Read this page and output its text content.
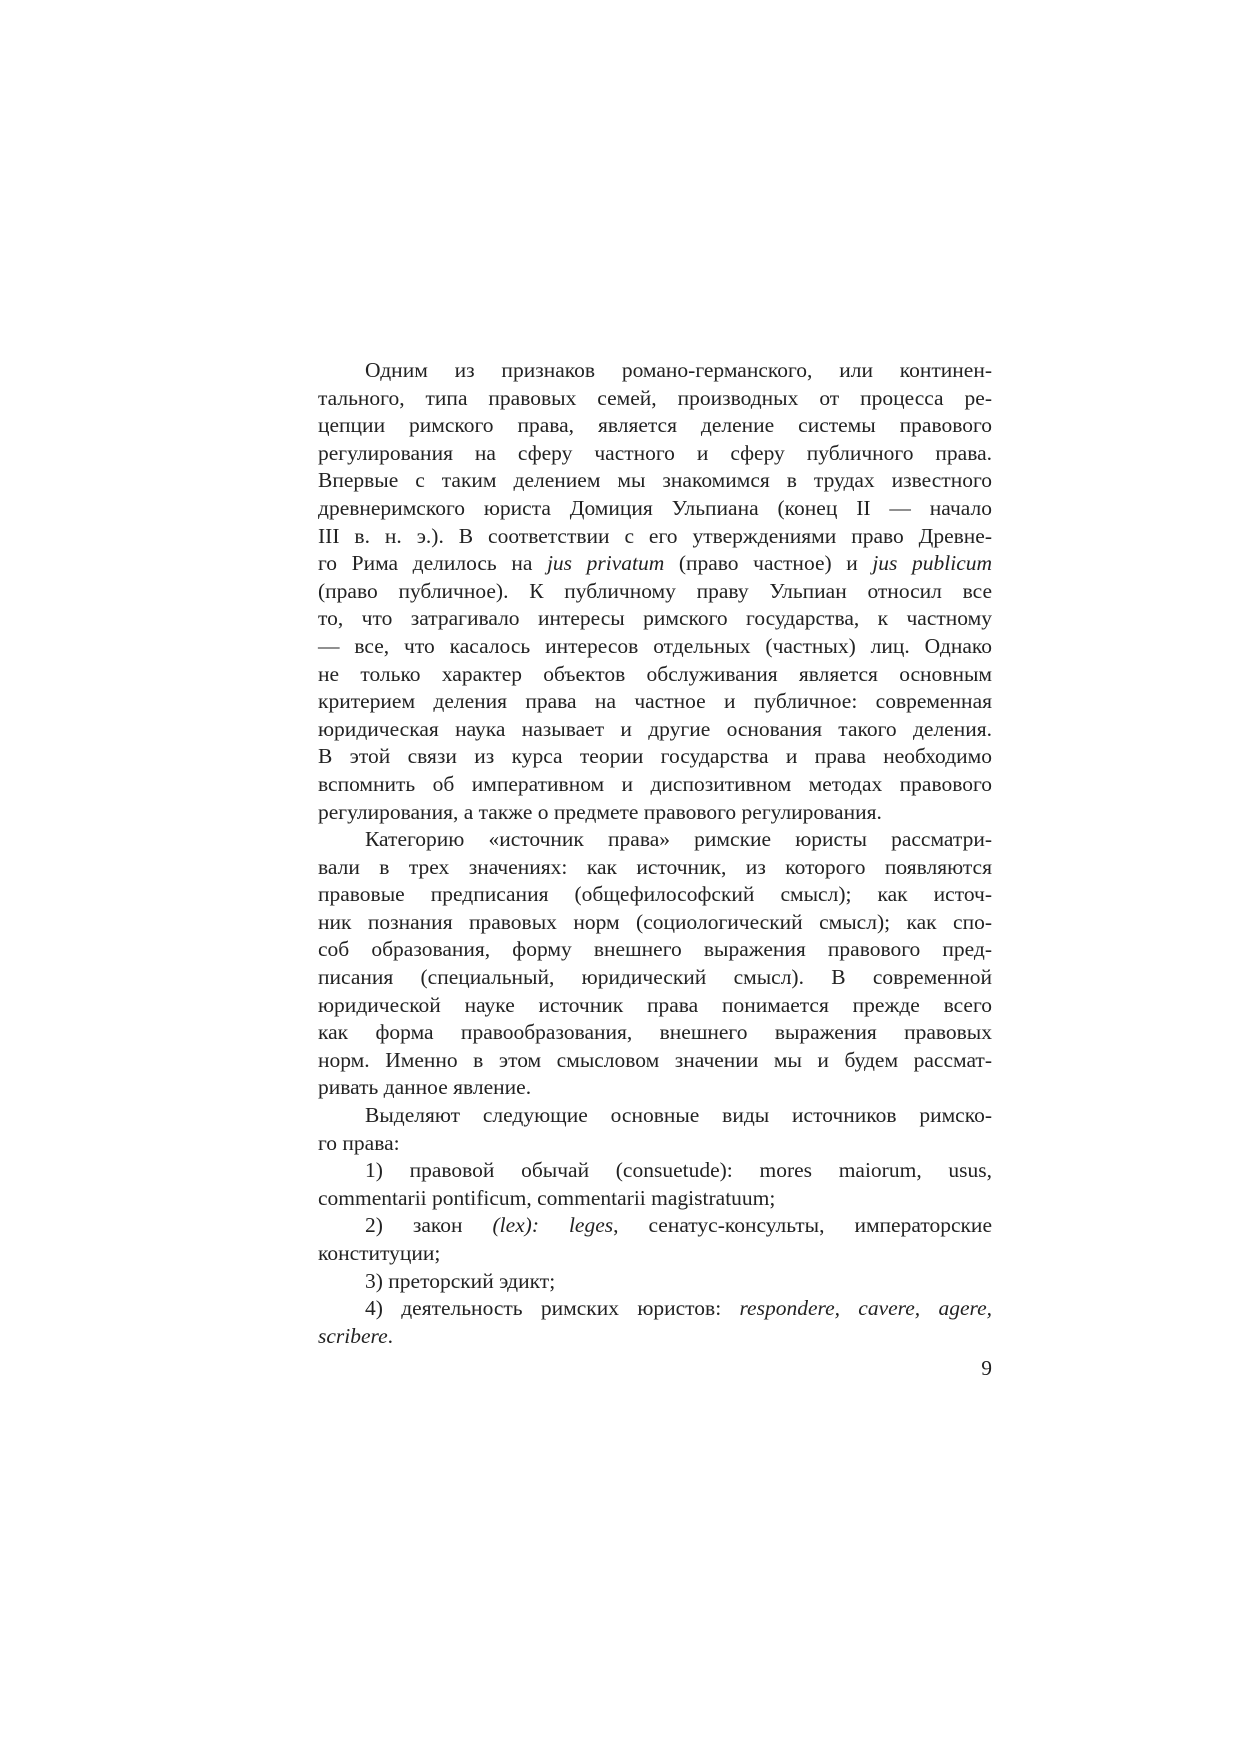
Одним из признаков романо-германского, или континен-
тального, типа правовых семей, производных от процесса ре-
цепции римского права, является деление системы правового
регулирования на сферу частного и сферу публичного права.
Впервые с таким делением мы знакомимся в трудах известного
древнеримского юриста Домиция Ульпиана (конец II — начало
III в. н. э.). В соответствии с его утверждениями право Древне-
го Рима делилось на jus privatum (право частное) и jus publicum
(право публичное). К публичному праву Ульпиан относил все
то, что затрагивало интересы римского государства, к частному
— все, что касалось интересов отдельных (частных) лиц. Однако
не только характер объектов обслуживания является основным
критерием деления права на частное и публичное: современная
юридическая наука называет и другие основания такого деления.
В этой связи из курса теории государства и права необходимо
вспомнить об императивном и диспозитивном методах правового
регулирования, а также о предмете правового регулирования.
Категорию «источник права» римские юристы рассматри-
вали в трех значениях: как источник, из которого появляются
правовые предписания (общефилософский смысл); как источ-
ник познания правовых норм (социологический смысл); как спо-
соб образования, форму внешнего выражения правового пред-
писания (специальный, юридический смысл). В современной
юридической науке источник права понимается прежде всего
как форма правообразования, внешнего выражения правовых
норм. Именно в этом смысловом значении мы и будем рассмат-
ривать данное явление.
Выделяют следующие основные виды источников римско-
го права:
1) правовой обычай (consuetude): mores maiorum, usus,
commentarii pontificum, commentarii magistratuum;
2) закон (lex): leges, сенатус-консульты, императорские
конституции;
3) преторский эдикт;
4) деятельность римских юристов: respondere, cavere, agere,
scribere.
9
